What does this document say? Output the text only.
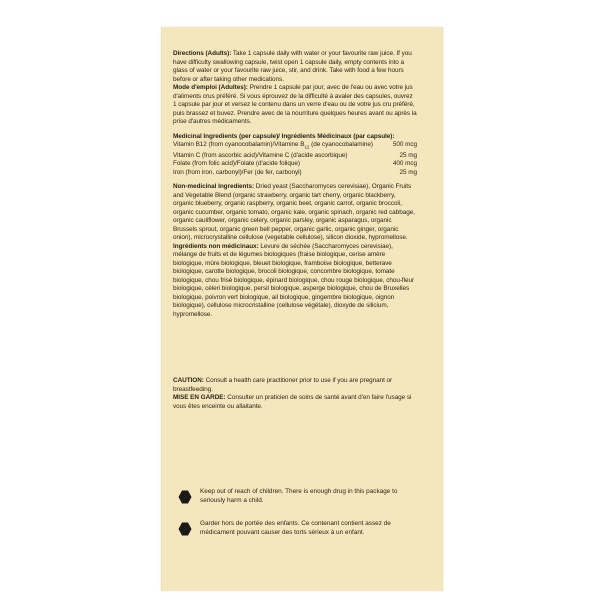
Directions (Adults): Take 1 capsule daily with water or your favourite raw juice. If you have difficulty swallowing capsule, twist open 1 capsule daily, empty contents into a glass of water or your favourite raw juice, stir, and drink. Take with food a few hours before or after taking other medications.

Mode d'emploi (Adultes): Prendre 1 capsule par jour, avec de l'eau ou avec votre jus d'aliments crus préféré. Si vous éprouvez de la difficulté à avaler des capsules, ouvrez 1 capsule par jour et versez le contenu dans un verre d'eau ou de votre jus cru préféré, puis brassez et buvez. Prendre avec de la nourriture quelques heures avant ou après la prise d'autres médicaments.

Medicinal Ingredients (per capsule)/ Ingrédients Médicinaux (par capsule):

Vitamin B12 (from cyanocobalamin)/Vitamine $B_{12}$ (de cyanocobalamine)	500 mcg
Vitamin C (from ascorbic acid)/Vitamine C (d'acide ascorbique)	25 mg
Folate (from folic acid)/Folate (d'acide folique)	400 mcg
Iron (from iron, carbonyl)/Fer (de fer, carbonyl)	25 mg

Non-medicinal Ingredients: Dried yeast (Saccharomyces cerevisiae), Organic Fruits and Vegetable Blend (organic strawberry, organic tart cherry, organic blackberry, organic blueberry, organic raspberry, organic beet, organic carrot, organic broccoli, organic cucumber, organic tomato, organic kale, organic spinach, organic red cabbage, organic cauliflower, organic celery, organic parsley, organic asparagus, organic Brussels sprout, organic green bell pepper, organic garlic, organic ginger, organic onion), microcrystalline cellulose (vegetable cellulose), silicon dioxide, hypromellose.

Ingrédients non médicinaux: Levure de séchée (Saccharomyces cerevisiae), mélange de fruits et de légumes biologiques (fraise biologique, cerise amère biologique, mûre biologique, bleuet biologique, framboise biologique, betterave biologique, carotte biologique, brocoli biologique, concombre biologique, tomate biologique, chou frisé biologique, épinard biologique, chou rouge biologique, chou-fleur biologique, céleri biologique, persil biologique, asperge biologique, chou de Bruxelles biologique, poivron vert biologique, ail biologique, gingembre biologique, oignon biologique), cellulose microcristalline (cellulose végétale), dioxyde de silicium, hypromellose.

CAUTION: Consult a health care practitioner prior to use if you are pregnant or breastfeeding.

MISE EN GARDE: Consulter un praticien de soins de santé avant d'en faire l'usage si vous êtes enceinte ou allaitante.

Keep out of reach of children. There is enough drug in this package to seriously harm a child.
Garder hors de portée des enfants. Ce contenant contient assez de médicament pouvant causer des torts sérieux à un enfant.
